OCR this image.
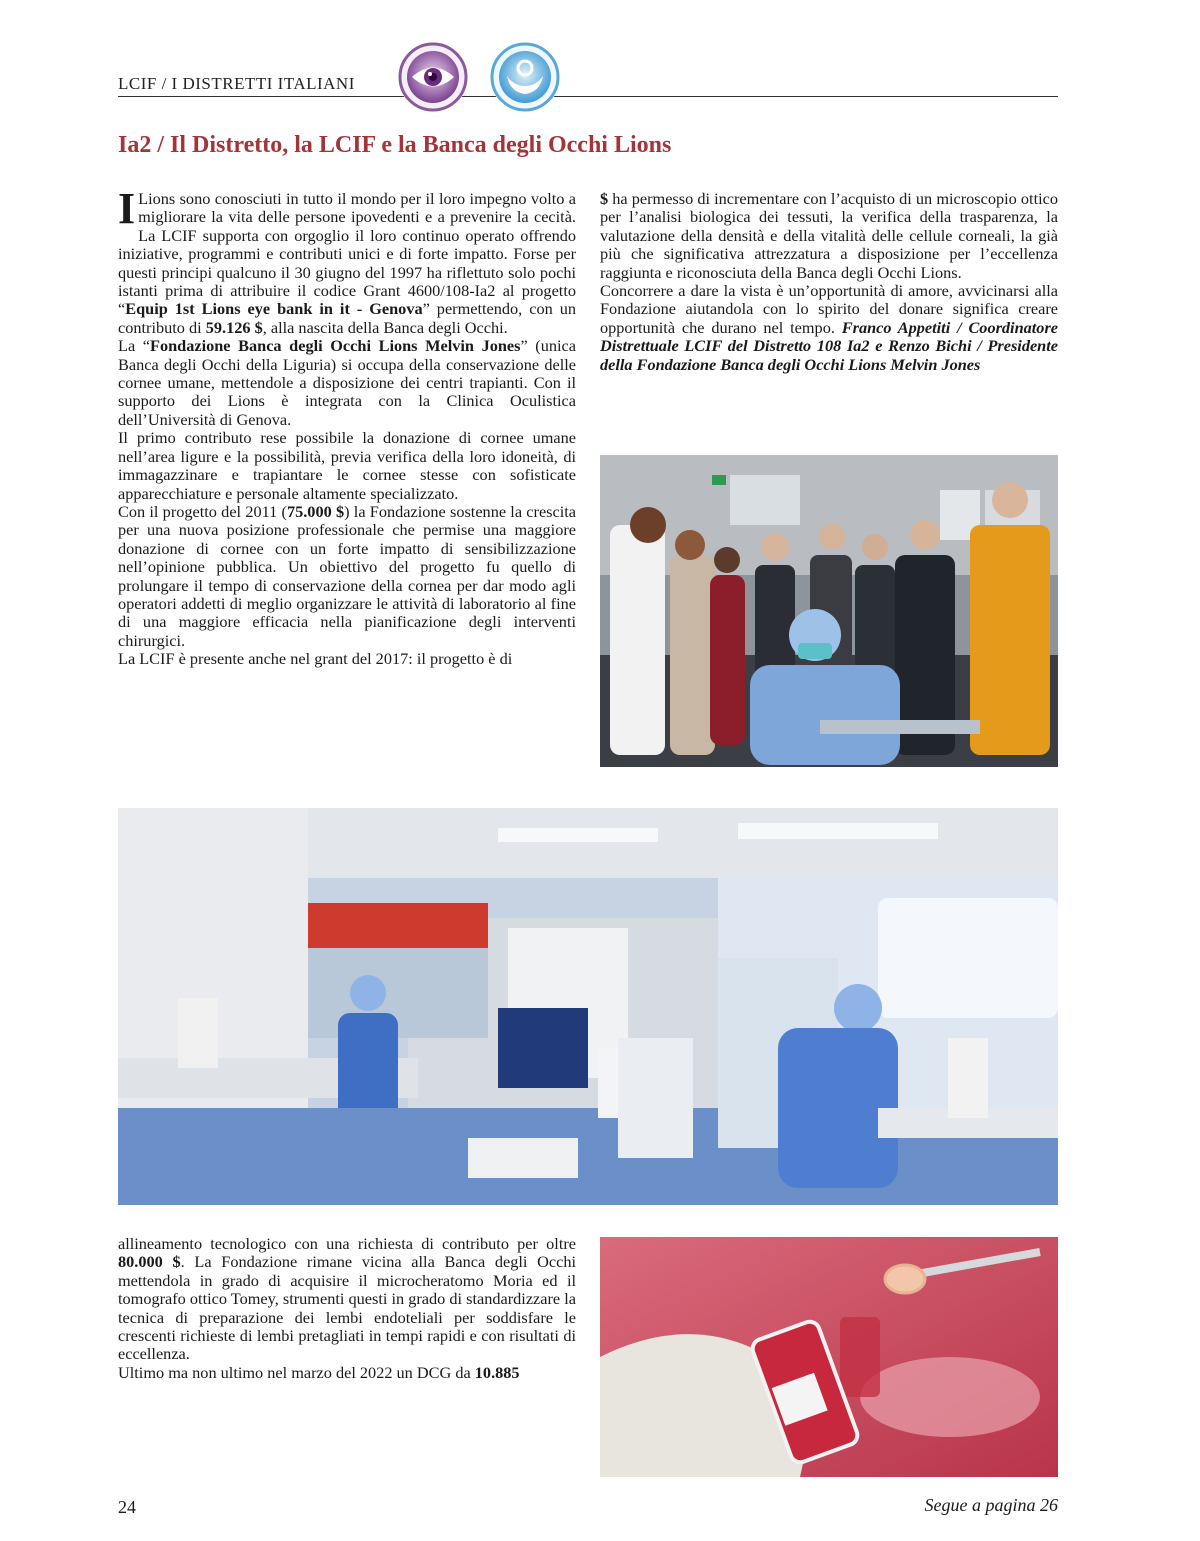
LCIF / I DISTRETTI ITALIANI
Ia2 / Il Distretto, la LCIF e la Banca degli Occhi Lions

I Lions sono conosciuti in tutto il mondo per il loro impegno volto a migliorare la vita delle persone ipovedenti e a prevenire la cecità. La LCIF supporta con orgoglio il loro continuo operato offrendo iniziative, programmi e contributi unici e di forte impatto. Forse per questi principi qualcuno il 30 giugno del 1997 ha riflettuto solo pochi istanti prima di attribuire il codice Grant 4600/108-Ia2 al progetto “Equip 1st Lions eye bank in it - Genova” permettendo, con un contributo di 59.126 $, alla nascita della Banca degli Occhi.

La “Fondazione Banca degli Occhi Lions Melvin Jones” (unica Banca degli Occhi della Liguria) si occupa della conservazione delle cornee umane, mettendole a disposizione dei centri trapianti. Con il supporto dei Lions è integrata con la Clinica Oculistica dell’Università di Genova.

Il primo contributo rese possibile la donazione di cornee umane nell’area ligure e la possibilità, previa verifica della loro idoneità, di immagazzinare e trapiantare le cornee stesse con sofisticate apparecchiature e personale altamente specializzato.

Con il progetto del 2011 (75.000 $) la Fondazione sostenne la crescita per una nuova posizione professionale che permise una maggiore donazione di cornee con un forte impatto di sensibilizzazione nell’opinione pubblica. Un obiettivo del progetto fu quello di prolungare il tempo di conservazione della cornea per dar modo agli operatori addetti di meglio organizzare le attività di laboratorio al fine di una maggiore efficacia nella pianificazione degli interventi chirurgici.

La LCIF è presente anche nel grant del 2017: il progetto è di

$ ha permesso di incrementare con l’acquisto di un microscopio ottico per l’analisi biologica dei tessuti, la verifica della trasparenza, la valutazione della densità e della vitalità delle cellule corneali, la già più che significativa attrezzatura a disposizione per l’eccellenza raggiunta e riconosciuta della Banca degli Occhi Lions.

Concorrere a dare la vista è un’opportunità di amore, avvicinarsi alla Fondazione aiutandola con lo spirito del donare significa creare opportunità che durano nel tempo. Franco Appetiti / Coordinatore Distrettuale LCIF del Distretto 108 Ia2 e Renzo Bichi / Presidente della Fondazione Banca degli Occhi Lions Melvin Jones

allineamento tecnologico con una richiesta di contributo per oltre 80.000 $. La Fondazione rimane vicina alla Banca degli Occhi mettendola in grado di acquisire il microcheratomo Moria ed il tomografo ottico Tomey, strumenti questi in grado di standardizzare la tecnica di preparazione dei lembi endoteliali per soddisfare le crescenti richieste di lembi pretagliati in tempi rapidi e con risultati di eccellenza.

Ultimo ma non ultimo nel marzo del 2022 un DCG da 10.885

24	Segue a pagina 26
